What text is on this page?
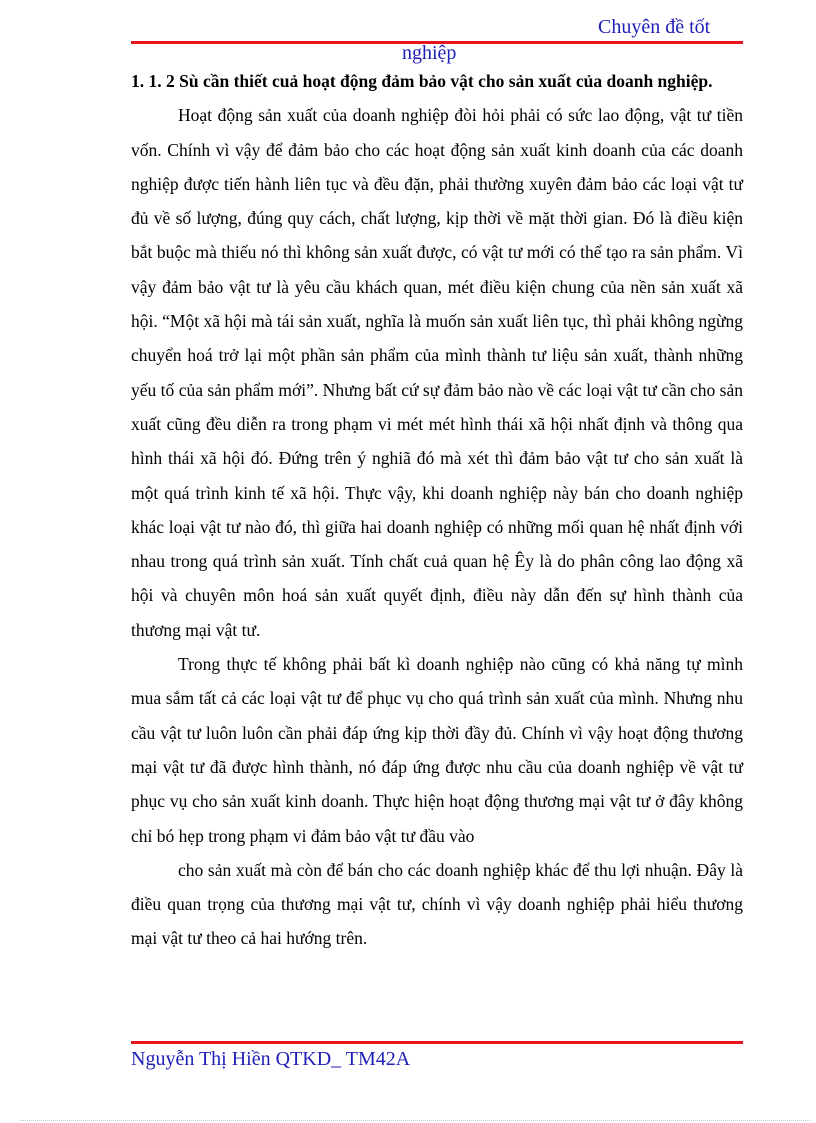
Chuyên đề tốt
nghiệp

1. 1. 2 Sù cần thiết cuả hoạt động đảm bảo vật cho sản xuất của doanh nghiệp.

Hoạt động sản xuất của doanh nghiệp đòi hỏi phải có sức lao động, vật tư tiền vốn. Chính vì vậy để đảm bảo cho các hoạt động sản xuất kinh doanh của các doanh nghiệp được tiến hành liên tục và đều đặn, phải thường xuyên đảm bảo các loại vật tư đủ về số lượng, đúng quy cách, chất lượng, kịp thời về mặt thời gian. Đó là điều kiện bắt buộc mà thiếu nó thì không sản xuất được, có vật tư mới có thể tạo ra sản phẩm. Vì vậy đảm bảo vật tư là yêu cầu khách quan, mét điều kiện chung của nền sản xuất xã hội. “Một xã hội mà tái sản xuất, nghĩa là muốn sản xuất liên tục, thì phải không ngừng chuyển hoá trở lại một phần sản phẩm của mình thành tư liệu sản xuất, thành những yếu tố của sản phẩm mới”. Nhưng bất cứ sự đảm bảo nào về các loại vật tư cần cho sản xuất cũng đều diễn ra trong phạm vi mét mét hình thái xã hội nhất định và thông qua hình thái xã hội đó. Đứng trên ý nghiã đó mà xét thì đảm bảo vật tư cho sản xuất là một quá trình kinh tế xã hội. Thực vậy, khi doanh nghiệp này bán cho doanh nghiệp khác loại vật tư nào đó, thì giữa hai doanh nghiệp có những mối quan hệ nhất định với nhau trong quá trình sản xuất. Tính chất cuả quan hệ Êy là do phân công lao động xã hội và chuyên môn hoá sản xuất quyết định, điều này dẫn đến sự hình thành của thương mại vật tư.

Trong thực tế không phải bất kì doanh nghiệp nào cũng có khả năng tự mình mua sắm tất cả các loại vật tư để phục vụ cho quá trình sản xuất của mình. Nhưng nhu cầu vật tư luôn luôn cần phải đáp ứng kịp thời đầy đủ. Chính vì vậy hoạt động thương mại vật tư đã được hình thành, nó đáp ứng được nhu cầu của doanh nghiệp về vật tư phục vụ cho sản xuất kinh doanh. Thực hiện hoạt động thương mại vật tư ở đây không chỉ bó hẹp trong phạm vi đảm bảo vật tư đầu vào

cho sản xuất mà còn để bán cho các doanh nghiệp khác để thu lợi nhuận. Đây là điều quan trọng của thương mại vật tư, chính vì vậy doanh nghiệp phải hiểu thương mại vật tư theo cả hai hướng trên.

Nguyễn Thị Hiền QTKD_ TM42A
